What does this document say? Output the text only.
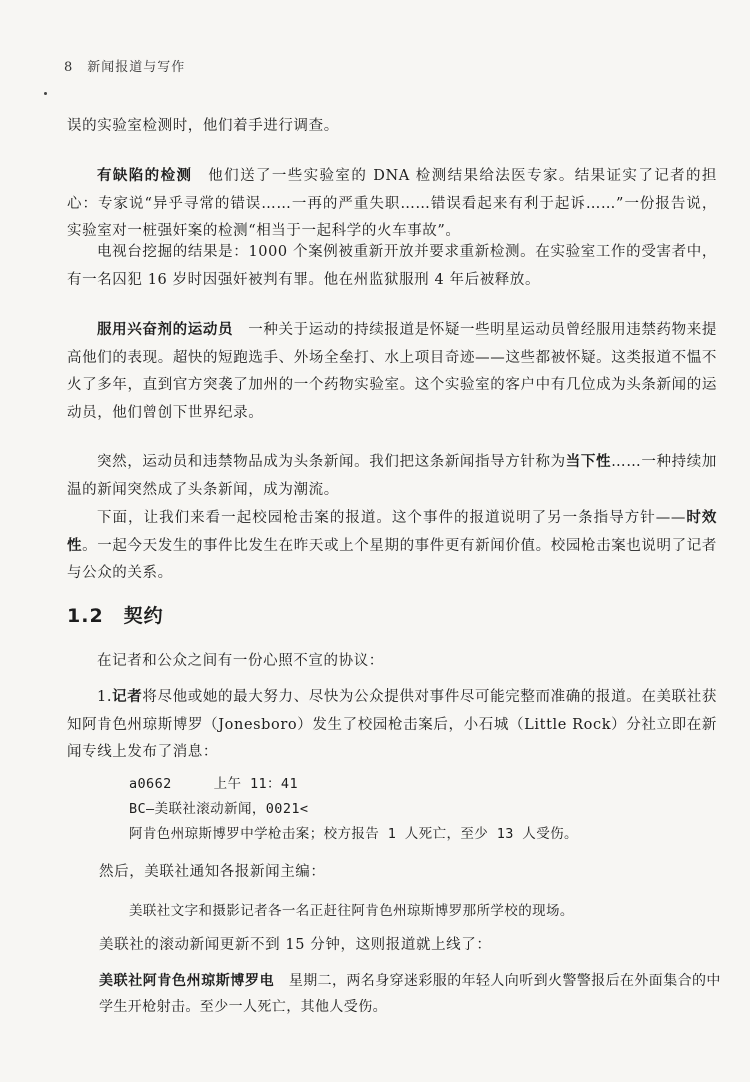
8 新闻报道与写作
误的实验室检测时，他们着手进行调查。
有缺陷的检测　 他们送了一些实验室的 DNA 检测结果给法医专家。结果证实了记者的担心：专家说“异乎寻常的错误……一再的严重失职……错误看起来有利于起诉……”一份报告说，实验室对一桩强奸案的检测“相当于一起科学的火车事故”。
电视台挖掘的结果是：1000 个案例被重新开放并要求重新检测。在实验室工作的受害者中，有一名囚犯 16 岁时因强奸被判有罪。他在州监狱服刑 4 年后被释放。
服用兴奋剂的运动员　 一种关于运动的持续报道是怀疑一些明星运动员曾经服用违禁药物来提高他们的表现。超快的短跑选手、外场全垒打、水上项目奇迹——这些都被怀疑。这类报道不愠不火了多年，直到官方突袭了加州的一个药物实验室。这个实验室的客户中有几位成为头条新闻的运动员，他们曾创下世界纪录。
突然，运动员和违禁物品成为头条新闻。我们把这条新闻指导方针称为当下性……一种持续加温的新闻突然成了头条新闻，成为潮流。
下面，让我们来看一起校园枪击案的报道。这个事件的报道说明了另一条指导方针——时效性。一起今天发生的事件比发生在昨天或上个星期的事件更有新闻价值。校园枪击案也说明了记者与公众的关系。
1.2 契约
在记者和公众之间有一份心照不宣的协议：
1.记者将尽他或她的最大努力、尽快为公众提供对事件尽可能完整而准确的报道。在美联社获知阿肯色州琼斯博罗（Jonesboro）发生了校园枪击案后，小石城（Little Rock）分社立即在新闻专线上发布了消息：
a0662	上午 11：41
BC—美联社滚动新闻，0021<
阿肯色州琼斯博罗中学枪击案；校方报告 1 人死亡，至少 13 人受伤。
然后，美联社通知各报新闻主编：
美联社文字和摄影记者各一名正赶往阿肯色州琼斯博罗那所学校的现场。
美联社的滚动新闻更新不到 15 分钟，这则报道就上线了：
美联社阿肯色州琼斯博罗电　 星期二，两名身穿迷彩服的年轻人向听到火警警报后在外面集合的中学生开枪射击。至少一人死亡，其他人受伤。
